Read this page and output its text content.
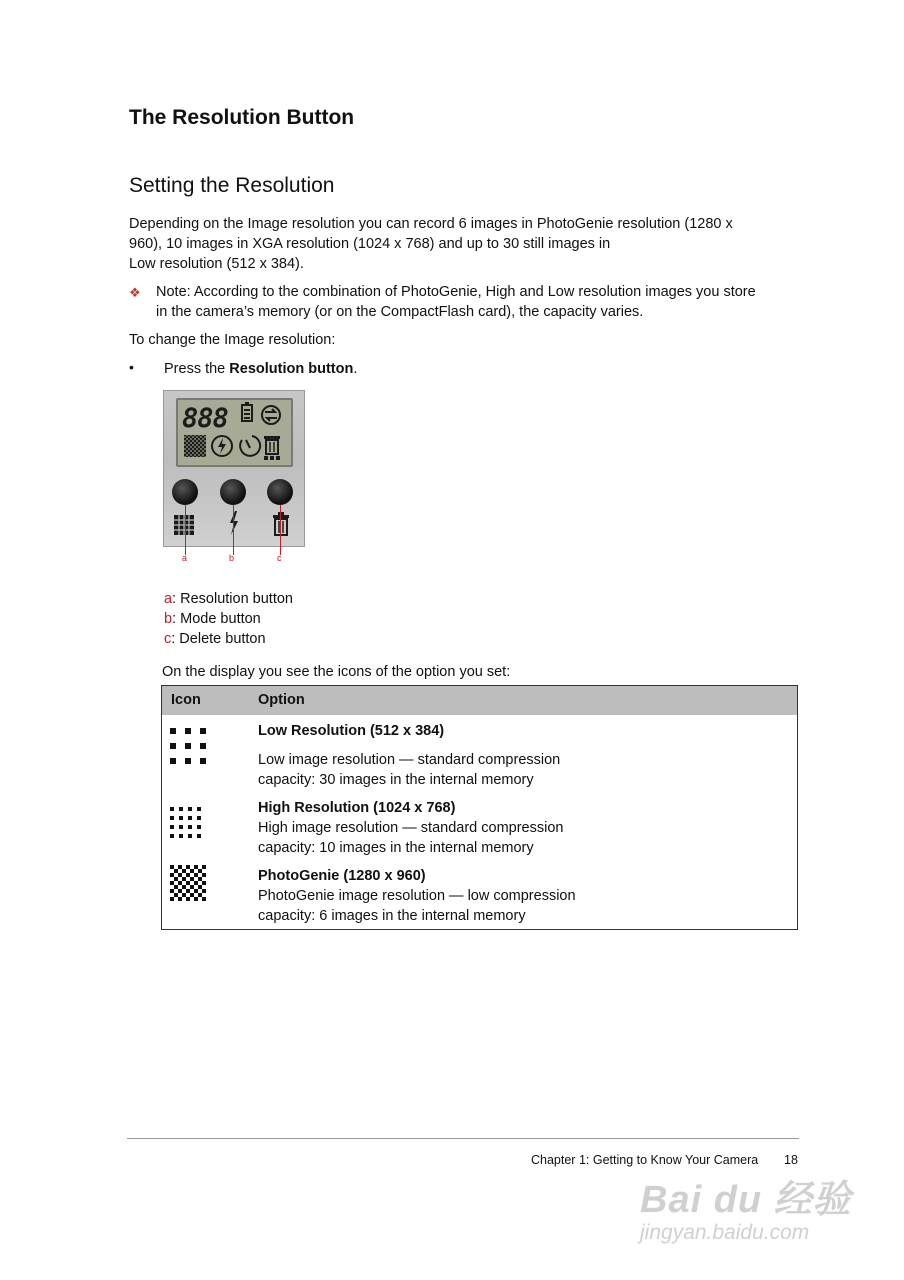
The Resolution Button
Setting the Resolution

Depending on the Image resolution you can record 6 images in PhotoGenie resolution (1280 x

960), 10 images in XGA resolution (1024 x 768) and up to 30 still images in

Low resolution (512 x 384).

❖ Note: According to the combination of PhotoGenie, High and Low resolution images you store

in the camera’s memory (or on the CompactFlash card), the capacity varies.

To change the Image resolution:

• Press the Resolution button.

888
a	b	c

a: Resolution button

b: Mode button

c: Delete button

On the display you see the icons of the option you set:

Icon	Option
Low Resolution (512 x 384)
Low image resolution — standard compression
capacity: 30 images in the internal memory
High Resolution (1024 x 768)
High image resolution — standard compression
capacity: 10 images in the internal memory
PhotoGenie (1280 x 960)
PhotoGenie image resolution — low compression
capacity: 6 images in the internal memory
Chapter 1: Getting to Know Your Camera 18
Bai du 经验
jingyan.baidu.com
